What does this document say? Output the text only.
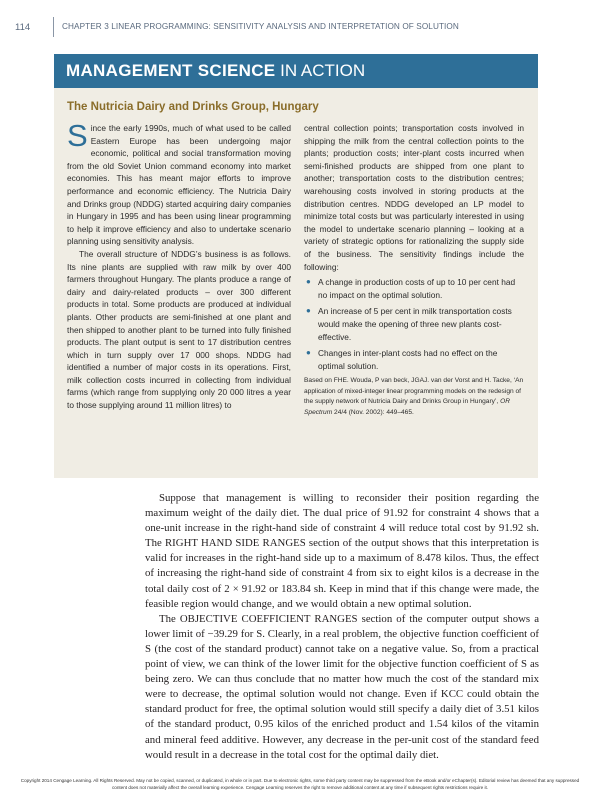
114	CHAPTER 3 LINEAR PROGRAMMING: SENSITIVITY ANALYSIS AND INTERPRETATION OF SOLUTION
MANAGEMENT SCIENCE IN ACTION
The Nutricia Dairy and Drinks Group, Hungary

Since the early 1990s, much of what used to be called Eastern Europe has been undergoing major economic, political and social transformation moving from the old Soviet Union command economy into market economies. This has meant major efforts to improve performance and economic efficiency. The Nutricia Dairy and Drinks group (NDDG) started acquiring dairy companies in Hungary in 1995 and has been using linear programming to help it improve efficiency and also to undertake scenario planning using sensitivity analysis.

The overall structure of NDDG’s business is as follows. Its nine plants are supplied with raw milk by over 400 farmers throughout Hungary. The plants produce a range of dairy and dairy-related products – over 300 different products in total. Some products are produced at individual plants. Other products are semi-finished at one plant and then shipped to another plant to be turned into fully finished products. The plant output is sent to 17 distribution centres which in turn supply over 17 000 shops. NDDG had identified a number of major costs in its operations. First, milk collection costs incurred in collecting from individual farms (which range from supplying only 20 000 litres a year to those supplying around 11 million litres) to

central collection points; transportation costs involved in shipping the milk from the central collection points to the plants; production costs; inter-plant costs incurred when semi-finished products are shipped from one plant to another; transportation costs to the distribution centres; warehousing costs involved in storing products at the distribution centres. NDDG developed an LP model to minimize total costs but was particularly interested in using the model to undertake scenario planning – looking at a variety of strategic options for rationalizing the supply side of the business. The sensitivity findings include the following:

● A change in production costs of up to 10 per cent had no impact on the optimal solution.
● An increase of 5 per cent in milk transportation costs would make the opening of three new plants cost-effective.
● Changes in inter-plant costs had no effect on the optimal solution.

Based on FHE. Wouda, P van beck, JGAJ. van der Vorst and H. Tacke, ‘An application of mixed-integer linear programming models on the redesign of the supply network of Nutricia Dairy and Drinks Group in Hungary’, OR Spectrum 24/4 (Nov. 2002): 449–465.

Suppose that management is willing to reconsider their position regarding the maximum weight of the daily diet. The dual price of 91.92 for constraint 4 shows that a one-unit increase in the right-hand side of constraint 4 will reduce total cost by 91.92 sh. The RIGHT HAND SIDE RANGES section of the output shows that this interpretation is valid for increases in the right-hand side up to a maximum of 8.478 kilos. Thus, the effect of increasing the right-hand side of constraint 4 from six to eight kilos is a decrease in the total daily cost of 2 × 91.92 or 183.84 sh. Keep in mind that if this change were made, the feasible region would change, and we would obtain a new optimal solution.

The OBJECTIVE COEFFICIENT RANGES section of the computer output shows a lower limit of −39.29 for S. Clearly, in a real problem, the objective function coefficient of S (the cost of the standard product) cannot take on a negative value. So, from a practical point of view, we can think of the lower limit for the objective function coefficient of S as being zero. We can thus conclude that no matter how much the cost of the standard mix were to decrease, the optimal solution would not change. Even if KCC could obtain the standard product for free, the optimal solution would still specify a daily diet of 3.51 kilos of the standard product, 0.95 kilos of the enriched product and 1.54 kilos of the vitamin and mineral feed additive. However, any decrease in the per-unit cost of the standard feed would result in a decrease in the total cost for the optimal daily diet.

Copyright 2014 Cengage Learning. All Rights Reserved. May not be copied, scanned, or duplicated, in whole or in part. Due to electronic rights, some third party content may be suppressed from the eBook and/or eChapter(s). Editorial review has deemed that any suppressed content does not materially affect the overall learning experience. Cengage Learning reserves the right to remove additional content at any time if subsequent rights restrictions require it.
